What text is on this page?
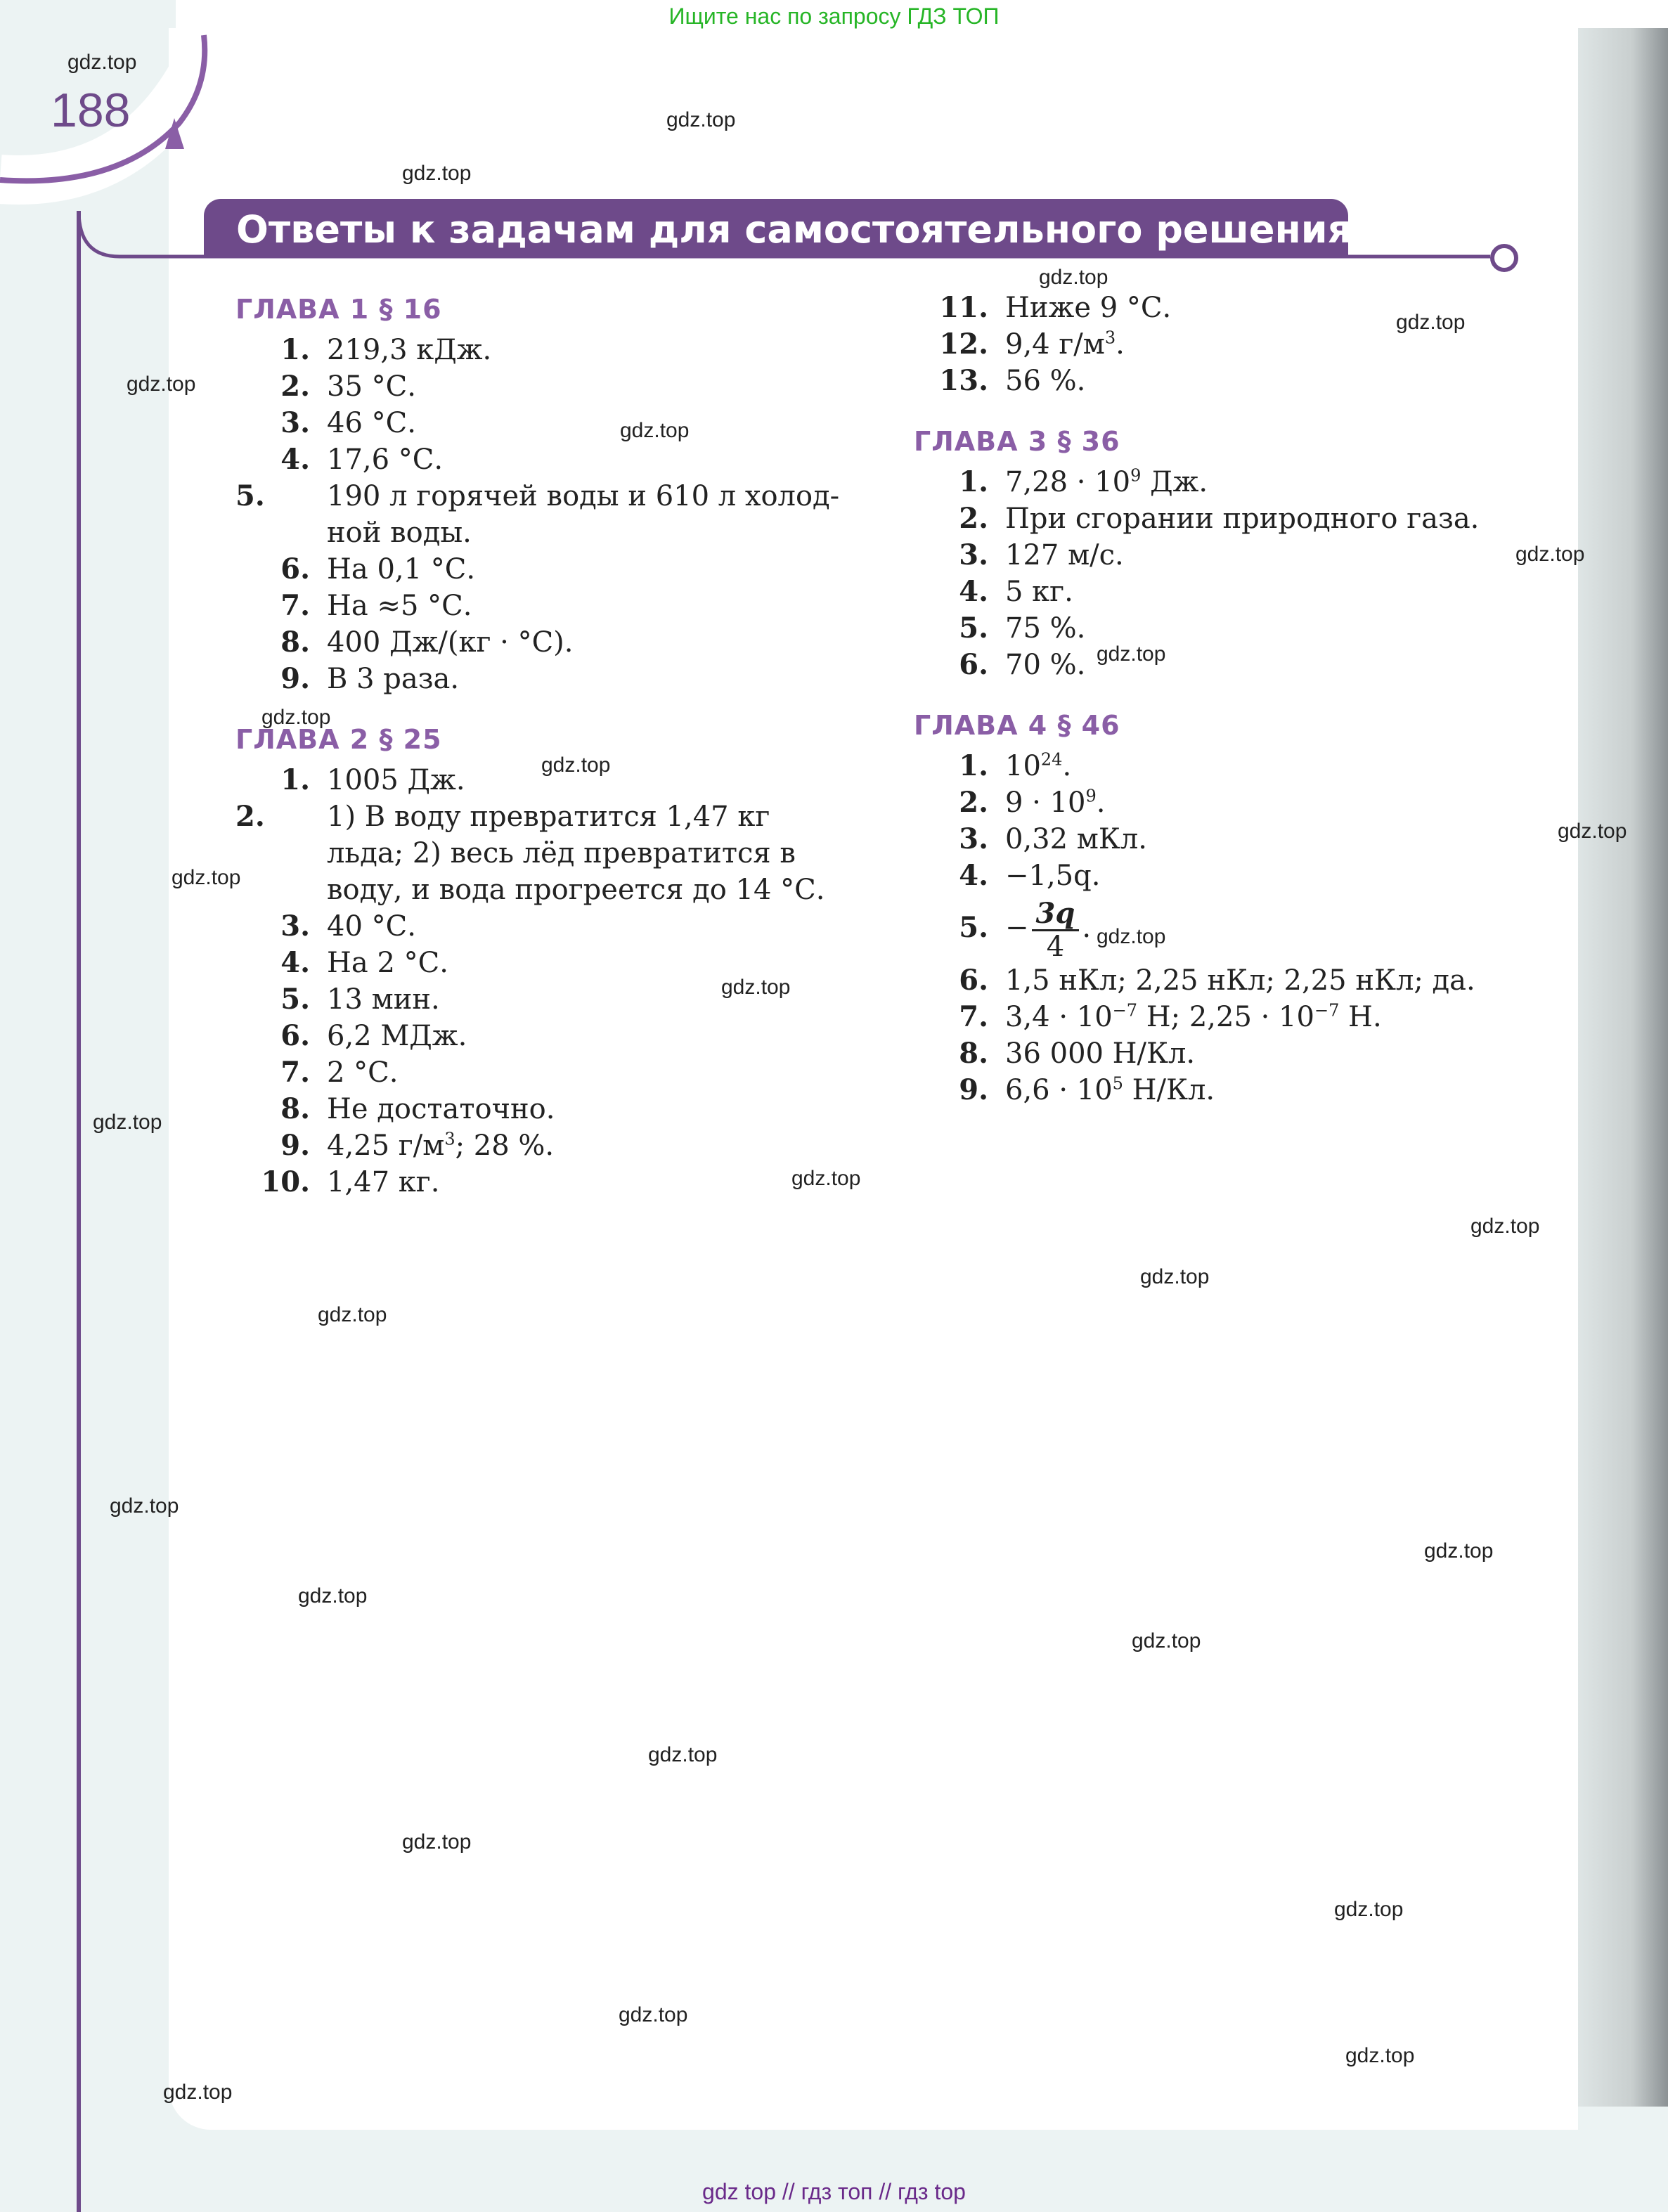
Ищите нас по запросу ГДЗ ТОП
188
Ответы к задачам для самостоятельного решения
ГЛАВА 1 § 16
1. 219,3 кДж.
2. 35 °С.
3. 46 °С.
4. 17,6 °С.
5.	190 л горячей воды и 610 л холод-
ной воды.
6. На 0,1 °С.
7. На ≈5 °С.
8. 400 Дж/(кг · °С).
9. В 3 раза.
ГЛАВА 2 § 25
1. 1005 Дж.
2.	1) В воду превратится 1,47 кг
льда; 2) весь лёд превратится в
воду, и вода прогреется до 14 °С.
3. 40 °С.
4. На 2 °С.
5. 13 мин.
6. 6,2 МДж.
7. 2 °С.
8. Не достаточно.
9. 4,25 $г/м^3$; 28 %.
10. 1,47 кг.
11. Ниже 9 °С.
12. 9,4 $г/м^3$.
13. 56 %.
ГЛАВА 3 § 36
1. $7,28 \cdot 10^9$ Дж.
2. При сгорании природного газа.
3. 127 м/с.
4. 5 кг.
5. 75 %.
6. 70 %.
ГЛАВА 4 § 46
1. $10^{24}$.
2. $9 \cdot 10^9$.
3. 0,32 мКл.
4. −1,5q.
5. − $\frac{3q}{4}$ .
6. 1,5 нКл; 2,25 нКл; 2,25 нКл; да.
7. $3,4 \cdot 10^{-7}$ Н; $2,25 \cdot 10^{-7}$ Н.
8. 36 000 Н/Кл.
9. $6,6 \cdot 10^5$ Н/Кл.
gdz.top
gdz.top
gdz.top
gdz.top
gdz.top
gdz.top
gdz.top
gdz.top
gdz.top
gdz.top
gdz.top
gdz.top
gdz.top
gdz.top
gdz.top
gdz.top
gdz.top
gdz.top
gdz.top
gdz.top
gdz.top
gdz.top
gdz.top
gdz.top
gdz.top
gdz.top
gdz.top
gdz.top
gdz.top
gdz.top
gdz top // гдз топ // гдз top
